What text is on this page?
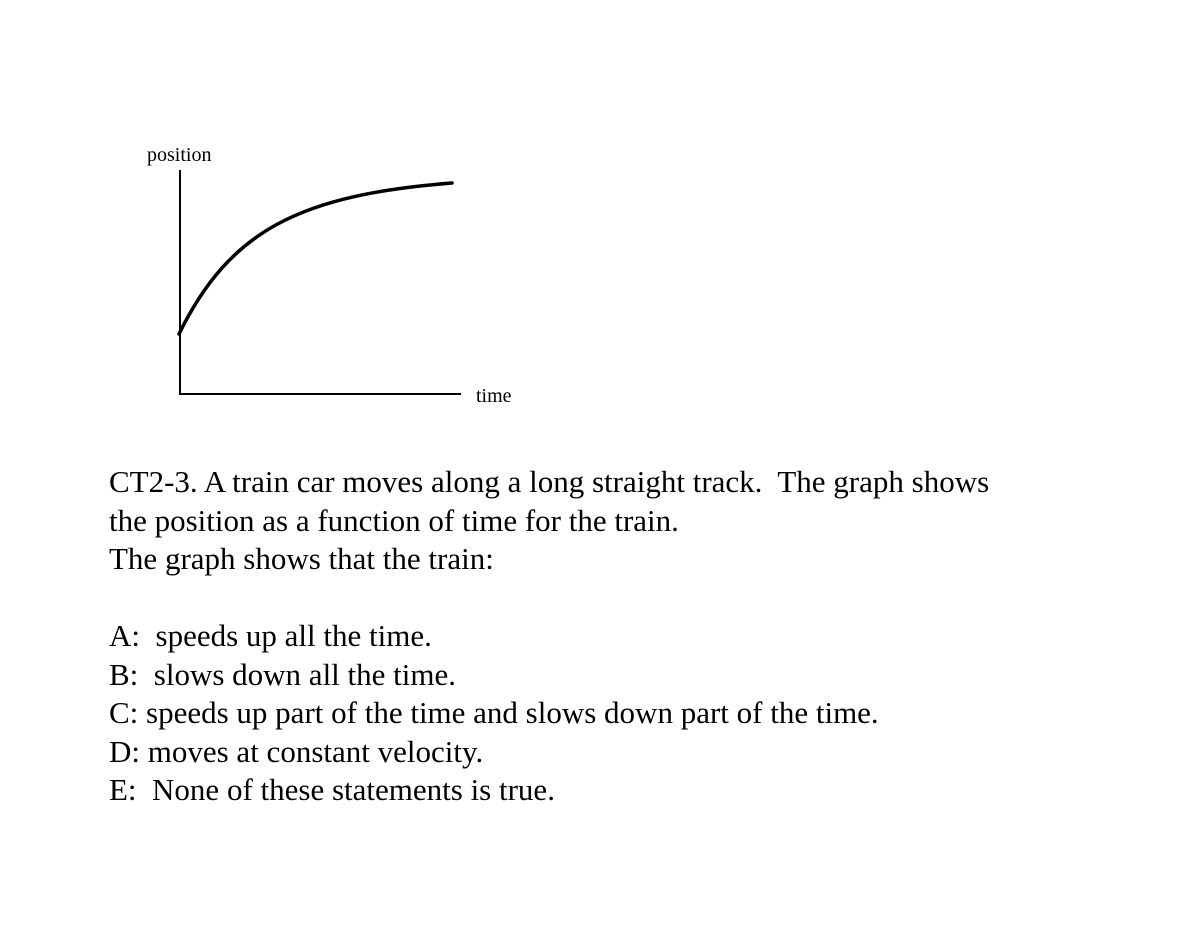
position
time
CT2-3. A train car moves along a long straight track.  The graph shows
the position as a function of time for the train.
The graph shows that the train:
A:  speeds up all the time.
B:  slows down all the time.
C: speeds up part of the time and slows down part of the time.
D: moves at constant velocity.
E:  None of these statements is true.
